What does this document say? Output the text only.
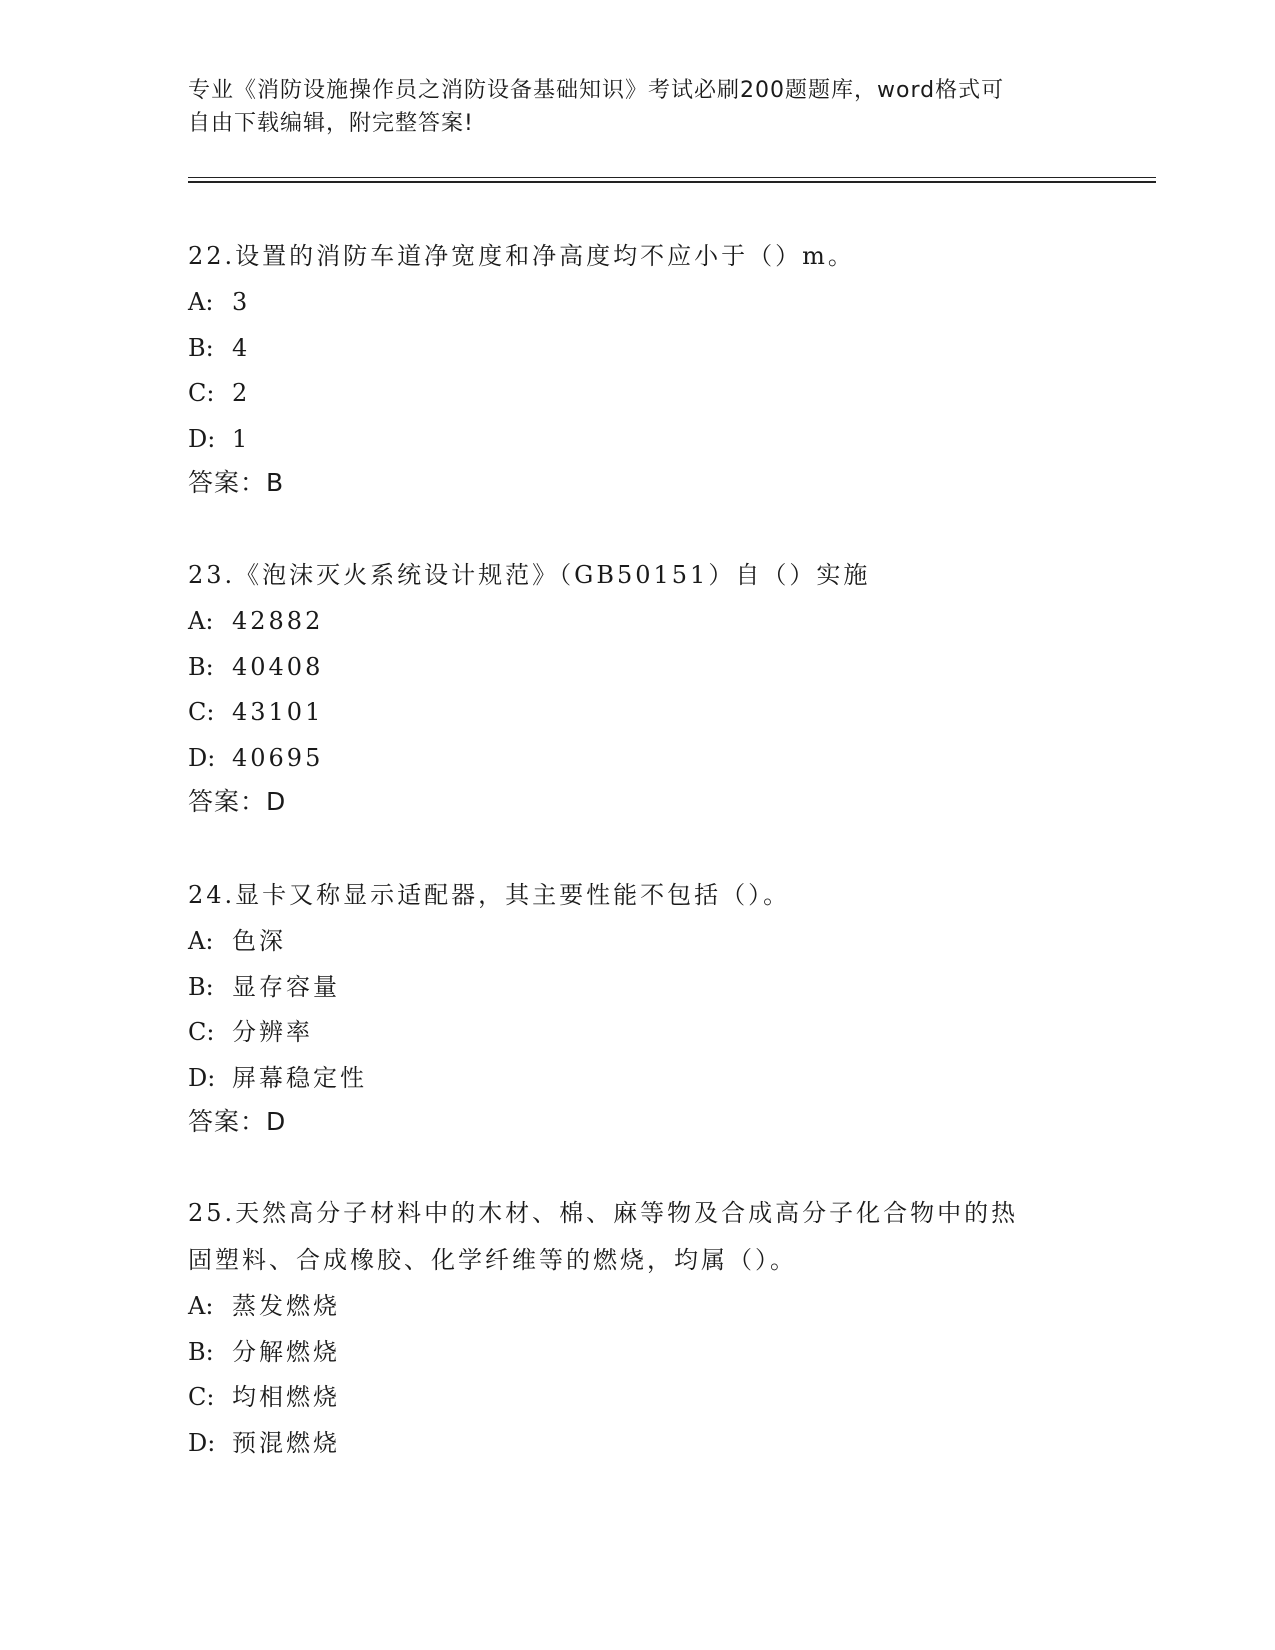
专业《消防设施操作员之消防设备基础知识》考试必刷200题题库，word格式可
自由下载编辑，附完整答案!

22.设置的消防车道净宽度和净高度均不应小于（）m。

A: 3

B: 4

C: 2

D: 1

答案：B

23.《泡沫灭火系统设计规范》（GB50151）自（）实施

A: 42882

B: 40408

C: 43101

D: 40695

答案：D

24.显卡又称显示适配器，其主要性能不包括（）。

A: 色深

B: 显存容量

C: 分辨率

D: 屏幕稳定性

答案：D

25.天然高分子材料中的木材、棉、麻等物及合成高分子化合物中的热

固塑料、合成橡胶、化学纤维等的燃烧，均属（）。

A: 蒸发燃烧

B: 分解燃烧

C: 均相燃烧

D: 预混燃烧
